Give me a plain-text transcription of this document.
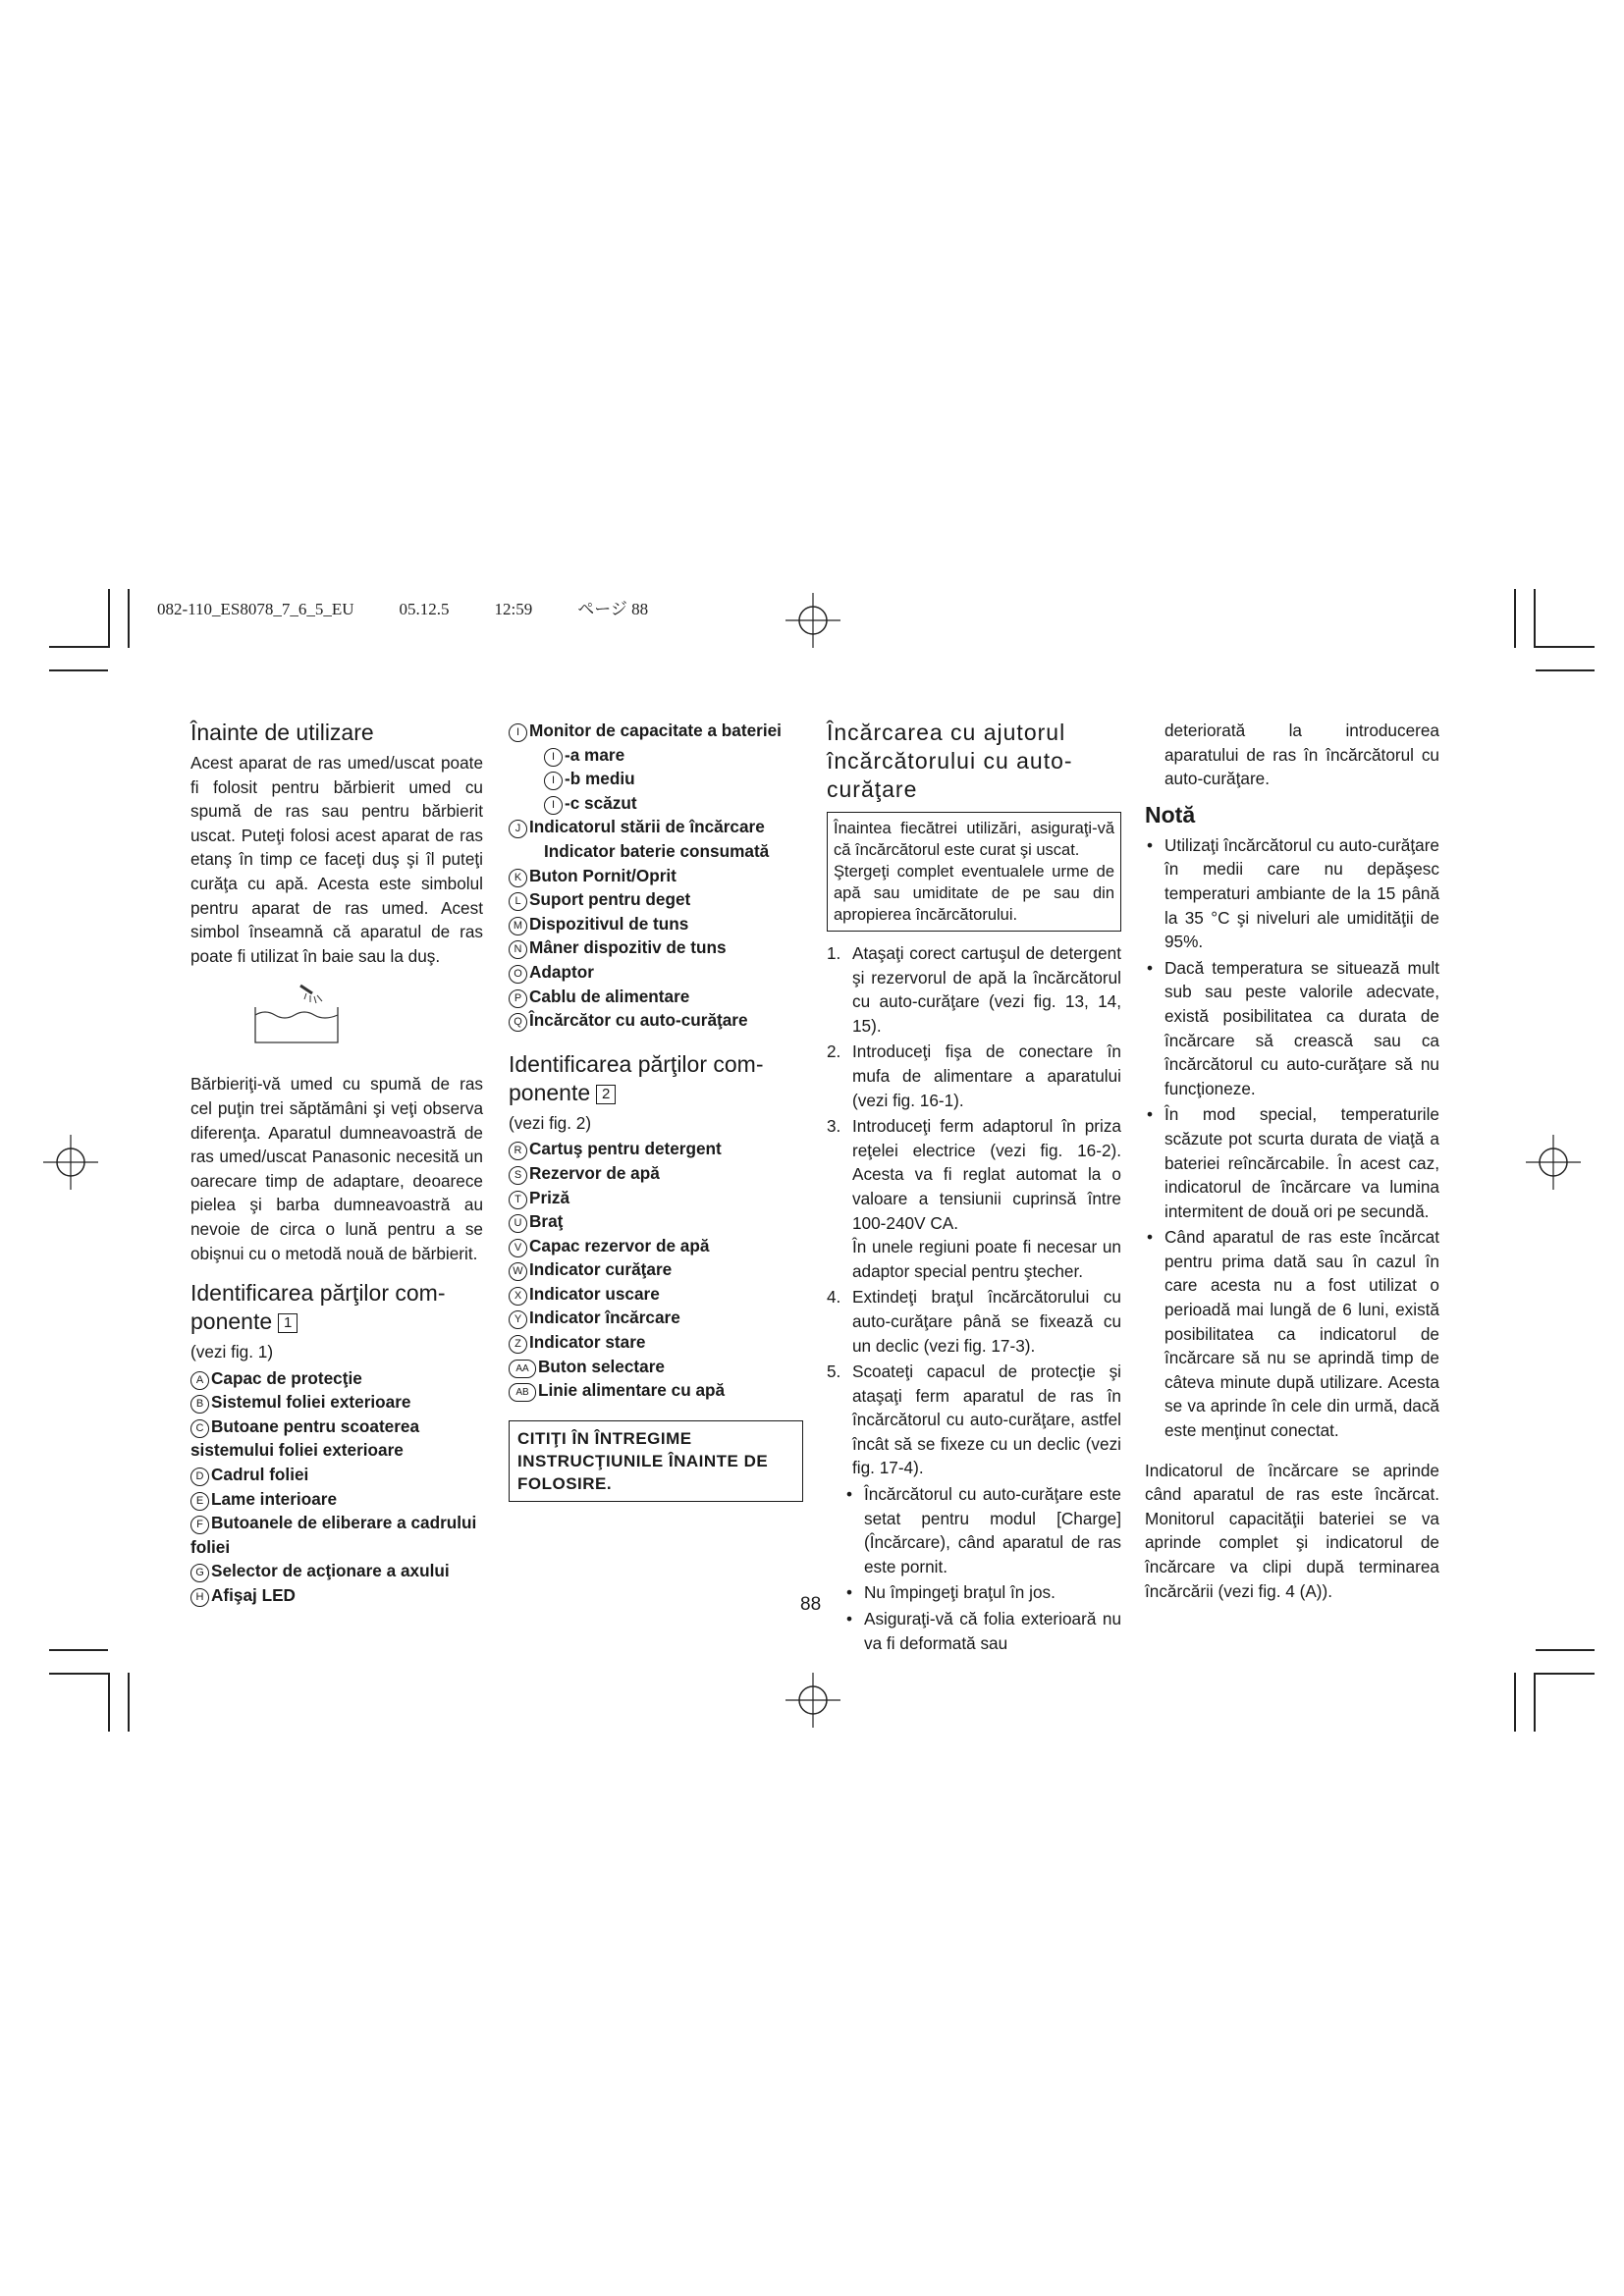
082-110_ES8078_7_6_5_EU	05.12.5	12:59	ページ 88
Înainte de utilizare

Acest aparat de ras umed/uscat poate fi folosit pentru bărbierit umed cu spumă de ras sau pentru bărbierit uscat. Puteţi folosi acest aparat de ras etanş în timp ce faceţi duş şi îl puteţi curăţa cu apă. Acesta este simbolul pentru aparat de ras umed. Acest simbol înseamnă că aparatul de ras poate fi utilizat în baie sau la duş.

Bărbieriţi-vă umed cu spumă de ras cel puţin trei săptămâni şi veţi observa diferenţa. Aparatul dumneavoastră de ras umed/uscat Panasonic necesită un oarecare timp de adaptare, deoarece pielea şi barba dumneavoastră au nevoie de circa o lună pentru a se obişnui cu o metodă nouă de bărbierit.

Identificarea părţilor com-ponente 1
(vezi fig. 1)
A Capac de protecţie
B Sistemul foliei exterioare
C Butoane pentru scoaterea sistemului foliei exterioare
D Cadrul foliei
E Lame interioare
F Butoanele de eliberare a cadrului foliei
G Selector de acţionare a axului
H Afişaj LED
I Monitor de capacitate a bateriei
I -a mare
I -b mediu
I -c scăzut
J Indicatorul stării de încărcare
Indicator baterie consumată
K Buton Pornit/Oprit
L Suport pentru deget
M Dispozitivul de tuns
N Mâner dispozitiv de tuns
O Adaptor
P Cablu de alimentare
Q Încărcător cu auto-curăţare
Identificarea părţilor com-ponente 2
(vezi fig. 2)
R Cartuş pentru detergent
S Rezervor de apă
T Priză
U Braţ
V Capac rezervor de apă
W Indicator curăţare
X Indicator uscare
Y Indicator încărcare
Z Indicator stare
AA Buton selectare
AB Linie alimentare cu apă
CITIŢI ÎN ÎNTREGIME INSTRUCŢIUNILE ÎNAINTE DE FOLOSIRE.
Încărcarea cu ajutorul încărcătorului cu auto-curăţare

Înaintea fiecătrei utilizări, asiguraţi-vă că încărcătorul este curat şi uscat.

Ştergeţi complet eventualele urme de apă sau umiditate de pe sau din apropierea încărcătorului.

1. Ataşaţi corect cartuşul de detergent şi rezervorul de apă la încărcătorul cu auto-curăţare (vezi fig. 13, 14, 15).
2. Introduceţi fişa de conectare în mufa de alimentare a aparatului (vezi fig. 16-1).
3. Introduceţi ferm adaptorul în priza reţelei electrice (vezi fig. 16-2). Acesta va fi reglat automat la o valoare a tensiunii cuprinsă între 100-240V CA.
În unele regiuni poate fi necesar un adaptor special pentru ştecher.
4. Extindeţi braţul încărcătorului cu auto-curăţare până se fixează cu un declic (vezi fig. 17-3).
5. Scoateţi capacul de protecţie şi ataşaţi ferm aparatul de ras în încărcătorul cu auto-curăţare, astfel încât să se fixeze cu un declic (vezi fig. 17-4).
• Încărcătorul cu auto-curăţare este setat pentru modul [Charge] (Încărcare), când aparatul de ras este pornit.
• Nu împingeţi braţul în jos.
• Asiguraţi-vă că folia exterioară nu va fi deformată sau

deteriorată la introducerea aparatului de ras în încărcătorul cu auto-curăţare.

Notă
• Utilizaţi încărcătorul cu auto-curăţare în medii care nu depăşesc temperaturi ambiante de la 15 până la 35 °C şi niveluri ale umidităţii de 95%.
• Dacă temperatura se situează mult sub sau peste valorile adecvate, există posibilitatea ca durata de încărcare să crească sau ca încărcătorul cu auto-curăţare să nu funcţioneze.
• În mod special, temperaturile scăzute pot scurta durata de viaţă a bateriei reîncărcabile. În acest caz, indicatorul de încărcare va lumina intermitent de două ori pe secundă.
• Când aparatul de ras este încărcat pentru prima dată sau în cazul în care acesta nu a fost utilizat o perioadă mai lungă de 6 luni, există posibilitatea ca indicatorul de încărcare să nu se aprindă timp de câteva minute după utilizare. Acesta se va aprinde în cele din urmă, dacă este menţinut conectat.

Indicatorul de încărcare se aprinde când aparatul de ras este încărcat. Monitorul capacităţii bateriei se va aprinde complet şi indicatorul de încărcare va clipi după terminarea încărcării (vezi fig. 4 (A)).

88
